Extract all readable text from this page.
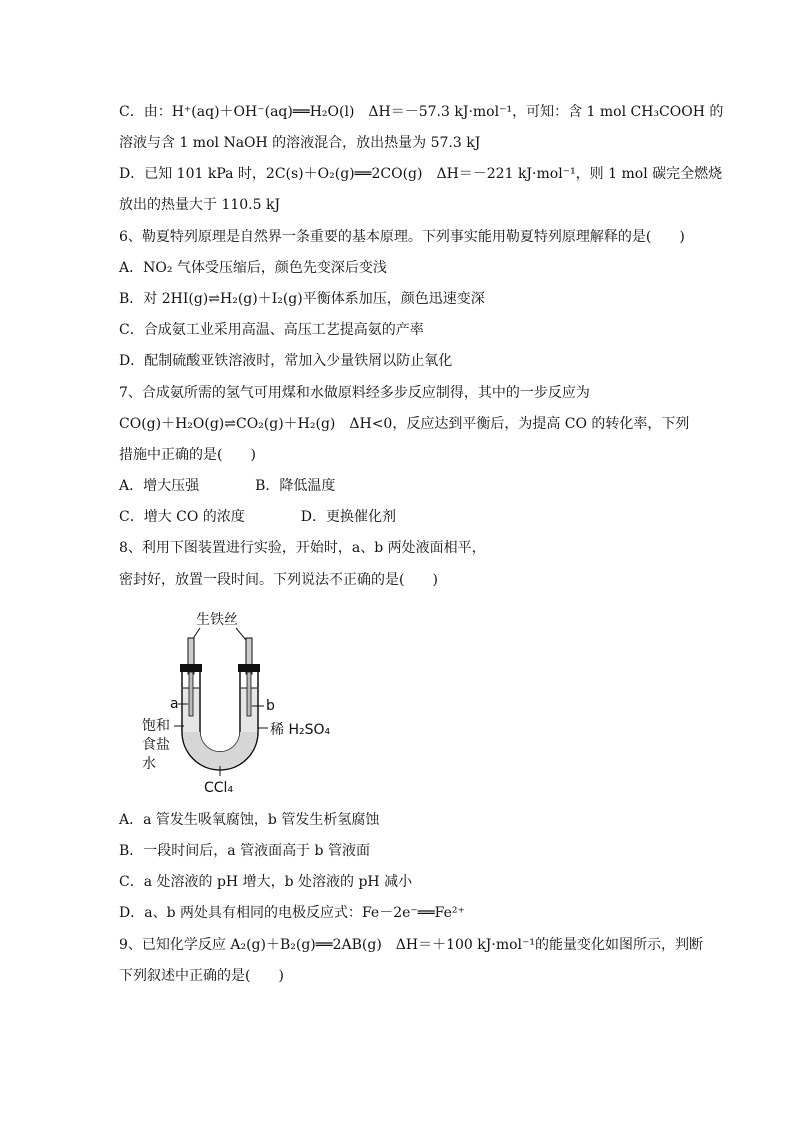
C．由：H⁺(aq)＋OH⁻(aq)══H₂O(l)　ΔH＝－57.3 kJ·mol⁻¹，可知：含 1 mol CH₃COOH 的
溶液与含 1 mol NaOH 的溶液混合，放出热量为 57.3 kJ
D．已知 101 kPa 时，2C(s)＋O₂(g)══2CO(g)　ΔH＝－221 kJ·mol⁻¹，则 1 mol 碳完全燃烧
放出的热量大于 110.5 kJ
6、勒夏特列原理是自然界一条重要的基本原理。下列事实能用勒夏特列原理解释的是(　　)
A．NO₂ 气体受压缩后，颜色先变深后变浅
B．对 2HI(g)⇌H₂(g)＋I₂(g)平衡体系加压，颜色迅速变深
C．合成氨工业采用高温、高压工艺提高氨的产率
D．配制硫酸亚铁溶液时，常加入少量铁屑以防止氧化
7、合成氨所需的氢气可用煤和水做原料经多步反应制得，其中的一步反应为
CO(g)＋H₂O(g)⇌CO₂(g)＋H₂(g)　ΔH<0，反应达到平衡后，为提高 CO 的转化率，下列
措施中正确的是(　　)
A．增大压强　　　　B．降低温度
C．增大 CO 的浓度　　　　D．更换催化剂
8、利用下图装置进行实验，开始时，a、b 两处液面相平，
密封好，放置一段时间。下列说法不正确的是(　　)
生铁丝
a	b
饱和
食盐
水
稀 H₂SO₄
CCl₄
A．a 管发生吸氧腐蚀，b 管发生析氢腐蚀
B．一段时间后，a 管液面高于 b 管液面
C．a 处溶液的 pH 增大，b 处溶液的 pH 减小
D．a、b 两处具有相同的电极反应式：Fe－2e⁻══Fe²⁺
9、已知化学反应 A₂(g)＋B₂(g)══2AB(g)　ΔH＝＋100 kJ·mol⁻¹的能量变化如图所示，判断
下列叙述中正确的是(　　)
